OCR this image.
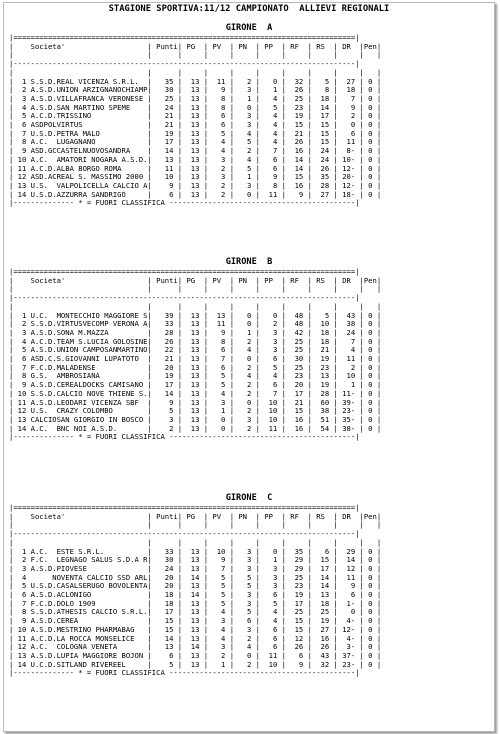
STAGIONE SPORTIVA:11/12 CAMPIONATO  ALLIEVI REGIONALI
GIRONE  A
|===============================================================================|
|    Societa'                   | Punti| PG  | PV  | PN  | PP  | RF  | RS  | DR  |Pen|
|                               |      |     |     |     |     |     |     |     |   |
|-------------------------------------------------------------------------------|
|                               |      |     |     |     |     |     |     |     |   |
|  1 S.S.D.REAL VICENZA S.R.L.  |   35 |  13 |  11 |   2 |   0 |  32 |   5 |  27 | 0 |
|  2 A.S.D.UNION ARZIGNANOCHIAMP|   30 |  13 |   9 |   3 |   1 |  26 |   8 |  18 | 0 |
|  3 A.S.D.VILLAFRANCA VERONESE |   25 |  13 |   8 |   1 |   4 |  25 |  18 |   7 | 0 |
|  4 A.S.D.SAN MARTINO SPEME    |   24 |  13 |   8 |   0 |   5 |  23 |  14 |   9 | 0 |
|  5 A.C.D.TRISSINO             |   21 |  13 |   6 |   3 |   4 |  19 |  17 |   2 | 0 |
|  6 ASDPOLVIRTUS               |   21 |  13 |   6 |   3 |   4 |  15 |  15 |   0 | 0 |
|  7 U.S.D.PETRA MALO           |   19 |  13 |   5 |   4 |   4 |  21 |  15 |   6 | 0 |
|  8 A.C.  LUGAGNANO            |   17 |  13 |   4 |   5 |   4 |  26 |  15 |  11 | 0 |
|  9 ASD.GCCASTELNUOVOSANDRA    |   14 |  13 |   4 |   2 |   7 |  16 |  24 |  8- | 0 |
| 10 A.C.  AMATORI NOGARA A.S.D.|   13 |  13 |   3 |   4 |   6 |  14 |  24 | 10- | 0 |
| 11 A.C.D.ALBA BORGO ROMA      |   11 |  13 |   2 |   5 |   6 |  14 |  26 | 12- | 0 |
| 12 ASD.ACREAL S. MASSIMO 2000 |   10 |  13 |   3 |   1 |   9 |  15 |  35 | 20- | 0 |
| 13 U.S.  VALPOLICELLA CALCIO A|    9 |  13 |   2 |   3 |   8 |  16 |  28 | 12- | 0 |
| 14 U.S.D.AZZURRA SANDRIGO     |    6 |  13 |   2 |   0 |  11 |   9 |  27 | 18- | 0 |
|-------------- * = FUORI CLASSIFICA -------------------------------------------|
GIRONE  B
|===============================================================================|
|    Societa'                   | Punti| PG  | PV  | PN  | PP  | RF  | RS  | DR  |Pen|
|                               |      |     |     |     |     |     |     |     |   |
|-------------------------------------------------------------------------------|
|                               |      |     |     |     |     |     |     |     |   |
|  1 U.C.  MONTECCHIO MAGGIORE S|   39 |  13 |  13 |   0 |   0 |  48 |   5 |  43 | 0 |
|  2 S.S.D.VIRTUSVECOMP VERONA A|   33 |  13 |  11 |   0 |   2 |  48 |  10 |  38 | 0 |
|  3 A.S.D.SONA M.MAZZA         |   28 |  13 |   9 |   1 |   3 |  42 |  18 |  24 | 0 |
|  4 A.C.D.TEAM S.LUCIA GOLOSINE|   26 |  13 |   8 |   2 |   3 |  25 |  18 |   7 | 0 |
|  5 A.S.D.UNION CAMPOSANMARTINO|   22 |  13 |   6 |   4 |   3 |  25 |  21 |   4 | 0 |
|  6 ASD.C.S.GIOVANNI LUPATOTO  |   21 |  13 |   7 |   0 |   6 |  30 |  19 |  11 | 0 |
|  7 F.C.D.MALADENSE            |   20 |  13 |   6 |   2 |   5 |  25 |  23 |   2 | 0 |
|  8 G.S.  AMBROSIANA           |   19 |  13 |   5 |   4 |   4 |  23 |  13 |  10 | 0 |
|  9 A.S.D.CEREALDOCKS CAMISANO |   17 |  13 |   5 |   2 |   6 |  20 |  19 |   1 | 0 |
| 10 S.S.D.CALCIO NOVE THIENE S.|   14 |  13 |   4 |   2 |   7 |  17 |  28 | 11- | 0 |
| 11 A.S.D.LEODARI VICENZA SBF  |    9 |  13 |   3 |   0 |  10 |  21 |  60 | 39- | 0 |
| 12 U.S.  CRAZY COLOMBO        |    5 |  13 |   1 |   2 |  10 |  15 |  38 | 23- | 0 |
| 13 CALCIOSAN GIORGIO IN BOSCO |    3 |  13 |   0 |   3 |  10 |  16 |  51 | 35- | 0 |
| 14 A.C.  BNC NOI A.S.D.       |    2 |  13 |   0 |   2 |  11 |  16 |  54 | 38- | 0 |
|-------------- * = FUORI CLASSIFICA -------------------------------------------|
GIRONE  C
|===============================================================================|
|    Societa'                   | Punti| PG  | PV  | PN  | PP  | RF  | RS  | DR  |Pen|
|                               |      |     |     |     |     |     |     |     |   |
|-------------------------------------------------------------------------------|
|                               |      |     |     |     |     |     |     |     |   |
|  1 A.C.  ESTE S.R.L.          |   33 |  13 |  10 |   3 |   0 |  35 |   6 |  29 | 0 |
|  2 F.C.  LEGNAGO SALUS S.D.A R|   30 |  13 |   9 |   3 |   1 |  29 |  15 |  14 | 0 |
|  3 A.S.D.PIOVESE              |   24 |  13 |   7 |   3 |   3 |  29 |  17 |  12 | 0 |
|  4      NOVENTA CALCIO SSD ARL|   20 |  14 |   5 |   5 |   3 |  25 |  14 |  11 | 0 |
|  5 U.S.D.CASALSERUGO BOVOLENTA|   20 |  13 |   5 |   5 |   3 |  23 |  14 |   9 | 0 |
|  6 A.S.D.ACLONIGO             |   18 |  14 |   5 |   3 |   6 |  19 |  13 |   6 | 0 |
|  7 F.C.D.DOLO 1909            |   18 |  13 |   5 |   3 |   5 |  17 |  18 |  1- | 0 |
|  8 S.S.D.ATHESIS CALCIO S.R.L.|   17 |  13 |   4 |   5 |   4 |  25 |  25 |   0 | 0 |
|  9 A.S.D.CEREA                |   15 |  13 |   3 |   6 |   4 |  15 |  19 |  4- | 0 |
| 10 A.S.D.MESTRINO PHARMABAG   |   15 |  13 |   4 |   3 |   6 |  15 |  27 | 12- | 0 |
| 11 A.C.D.LA ROCCA MONSELICE   |   14 |  13 |   4 |   2 |   6 |  12 |  16 |  4- | 0 |
| 12 A.C.  COLOGNA VENETA       |   13 |  14 |   3 |   4 |   6 |  26 |  26 |  3- | 0 |
| 13 A.S.D.LUPIA MAGGIORE BOJON |    6 |  13 |   2 |   0 |  11 |   6 |  43 | 37- | 0 |
| 14 U.C.D.SITLAND RIVEREEL     |    5 |  13 |   1 |   2 |  10 |   9 |  32 | 23- | 0 |
|-------------- * = FUORI CLASSIFICA -------------------------------------------|
